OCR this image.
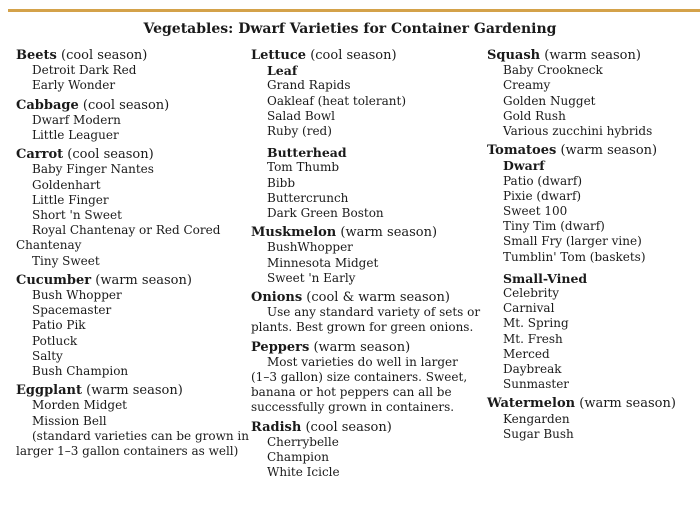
Vegetables: Dwarf Varieties for Container Gardening
Beets (cool season)
Detroit Dark Red
Early Wonder
Cabbage (cool season)
Dwarf Modern
Little Leaguer
Carrot (cool season)
Baby Finger Nantes
Goldenhart
Little Finger
Short 'n Sweet
Royal Chantenay or Red Cored
Chantenay
Tiny Sweet
Cucumber (warm season)
Bush Whopper
Spacemaster
Patio Pik
Potluck
Salty
Bush Champion
Eggplant (warm season)
Morden Midget
Mission Bell
(standard varieties can be grown in
larger 1–3 gallon containers as well)
Lettuce (cool season)
Leaf
Grand Rapids
Oakleaf (heat tolerant)
Salad Bowl
Ruby (red)
Butterhead
Tom Thumb
Bibb
Buttercrunch
Dark Green Boston
Muskmelon (warm season)
BushWhopper
Minnesota Midget
Sweet 'n Early
Onions (cool & warm season)
Use any standard variety of sets or
plants. Best grown for green onions.
Peppers (warm season)
Most varieties do well in larger
(1–3 gallon) size containers. Sweet,
banana or hot peppers can all be
successfully grown in containers.
Radish (cool season)
Cherrybelle
Champion
White Icicle
Squash (warm season)
Baby Crookneck
Creamy
Golden Nugget
Gold Rush
Various zucchini hybrids
Tomatoes (warm season)
Dwarf
Patio (dwarf)
Pixie (dwarf)
Sweet 100
Tiny Tim (dwarf)
Small Fry (larger vine)
Tumblin' Tom (baskets)
Small-Vined
Celebrity
Carnival
Mt. Spring
Mt. Fresh
Merced
Daybreak
Sunmaster
Watermelon (warm season)
Kengarden
Sugar Bush
